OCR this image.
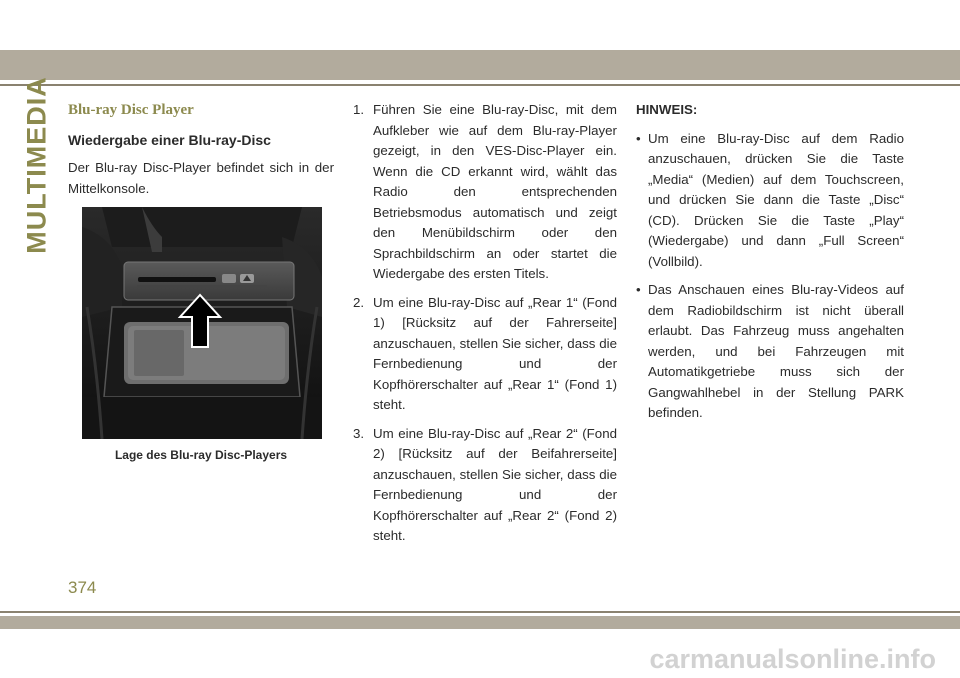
MULTIMEDIA Blu-ray Disc Player
Wiedergabe einer Blu-ray-Disc

Der Blu-ray Disc-Player befindet sich in der Mittelkonsole.

Lage des Blu-ray Disc-Players
1. Führen Sie eine Blu-ray-Disc, mit dem Aufkleber wie auf dem Blu-ray-Player gezeigt, in den VES-Disc-Player ein. Wenn die CD erkannt wird, wählt das Radio den entsprechenden Betriebsmodus automatisch und zeigt den Menübildschirm oder den Sprachbildschirm an oder startet die Wiedergabe des ersten Titels.
2. Um eine Blu-ray-Disc auf „Rear 1“ (Fond 1) [Rücksitz auf der Fahrerseite] anzuschauen, stellen Sie sicher, dass die Fernbedienung und der Kopfhörerschalter auf „Rear 1“ (Fond 1) steht.
3. Um eine Blu-ray-Disc auf „Rear 2“ (Fond 2) [Rücksitz auf der Beifahrerseite] anzuschauen, stellen Sie sicher, dass die Fernbedienung und der Kopfhörerschalter auf „Rear 2“ (Fond 2) steht.
HINWEIS:
• Um eine Blu-ray-Disc auf dem Radio anzuschauen, drücken Sie die Taste „Media“ (Medien) auf dem Touchscreen, und drücken Sie dann die Taste „Disc“ (CD). Drücken Sie die Taste „Play“ (Wiedergabe) und dann „Full Screen“ (Vollbild).
• Das Anschauen eines Blu-ray-Videos auf dem Radiobildschirm ist nicht überall erlaubt. Das Fahrzeug muss angehalten werden, und bei Fahrzeugen mit Automatikgetriebe muss sich der Gangwahlhebel in der Stellung PARK befinden.
374
carmanualsonline.info
